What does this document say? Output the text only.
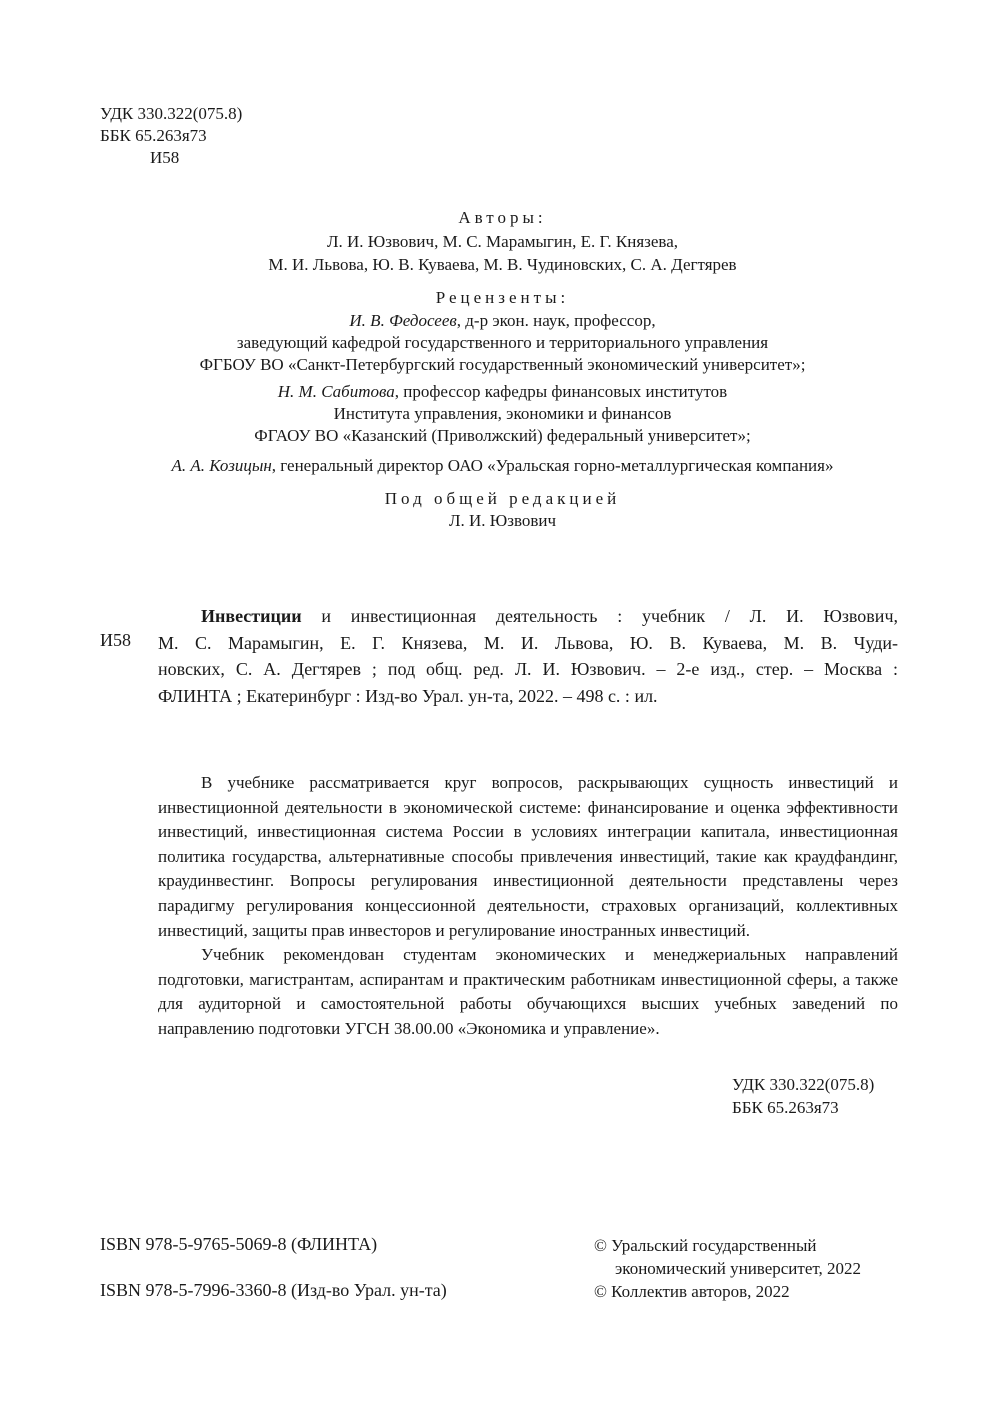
УДК 330.322(075.8)
ББК 65.263я73
И58
Авторы:
Л. И. Юзвович, М. С. Марамыгин, Е. Г. Князева,
М. И. Львова, Ю. В. Куваева, М. В. Чудиновских, С. А. Дегтярев
Рецензенты:
И. В. Федосеев, д-р экон. наук, профессор,
заведующий кафедрой государственного и территориального управления
ФГБОУ ВО «Санкт-Петербургский государственный экономический университет»;
Н. М. Сабитова, профессор кафедры финансовых институтов
Института управления, экономики и финансов
ФГАОУ ВО «Казанский (Приволжский) федеральный университет»;
А. А. Козицын, генеральный директор ОАО «Уральская горно-металлургическая компания»
Под общей редакцией
Л. И. Юзвович
И58
Инвестиции и инвестиционная деятельность : учебник / Л. И. Юзвович,
М. С. Марамыгин, Е. Г. Князева, М. И. Львова, Ю. В. Куваева, М. В. Чуди-
новских, С. А. Дегтярев ; под общ. ред. Л. И. Юзвович. – 2-е изд., стер. – Москва :
ФЛИНТА ; Екатеринбург : Изд-во Урал. ун-та, 2022. – 498 с. : ил.

В учебнике рассматривается круг вопросов, раскрывающих сущность инвестиций и инвестиционной деятельности в экономической системе: финансирование и оценка эффективности инвестиций, инвестиционная система России в условиях интеграции капитала, инвестиционная политика государства, альтернативные способы привлечения инвестиций, такие как краудфандинг, краудинвестинг. Вопросы регулирования инвестиционной деятельности представлены через парадигму регулирования концессионной деятельности, страховых организаций, коллективных инвестиций, защиты прав инвесторов и регулирование иностранных инвестиций.

Учебник рекомендован студентам экономических и менеджериальных направлений подготовки, магистрантам, аспирантам и практическим работникам инвестиционной сферы, а также для аудиторной и самостоятельной работы обучающихся высших учебных заведений по направлению подготовки УГСН 38.00.00 «Экономика и управление».

УДК 330.322(075.8)
ББК 65.263я73
ISBN 978-5-9765-5069-8 (ФЛИНТА)
ISBN 978-5-7996-3360-8 (Изд-во Урал. ун-та)
© Уральский государственный
экономический университет, 2022
© Коллектив авторов, 2022
